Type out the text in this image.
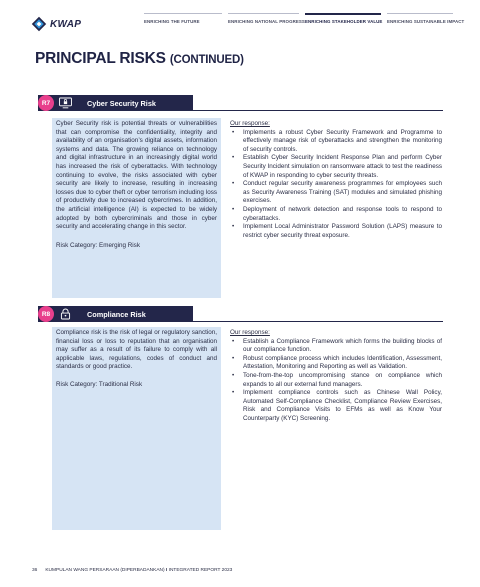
KWAP	ENRICHING THE FUTURE	ENRICHING NATIONAL PROGRESS ENRICHING STAKEHOLDER VALUE ENRICHING SUSTAINABLE IMPACT
PRINCIPAL RISKS (CONTINUED)
R7	Cyber Security Risk

Cyber Security risk is potential threats or vulnerabilities that can compromise the confidentiality, integrity and availability of an organisation’s digital assets, information systems and data. The growing reliance on technology and digital infrastructure in an increasingly digital world has increased the risk of cyberattacks. With technology continuing to evolve, the risks associated with cyber security are likely to increase, resulting in increasing losses due to cyber theft or cyber terrorism including loss of productivity due to increased cybercrimes. In addition, the artificial intelligence (AI) is expected to be widely adopted by both cybercriminals and those in cyber security and accelerating change in this sector.

Risk Category: Emerging Risk

Our response:

• Implements a robust Cyber Security Framework and Programme to effectively manage risk of cyberattacks and strengthen the monitoring of security controls.
• Establish Cyber Security Incident Response Plan and perform Cyber Security Incident simulation on ransomware attack to test the readiness of KWAP in responding to cyber security threats.
• Conduct regular security awareness programmes for employees such as Security Awareness Training (SAT) modules and simulated phishing exercises.
• Deployment of network detection and response tools to respond to cyberattacks.
• Implement Local Administrator Password Solution (LAPS) measure to restrict cyber security threat exposure.
R8	Compliance Risk

Compliance risk is the risk of legal or regulatory sanction, financial loss or loss to reputation that an organisation may suffer as a result of its failure to comply with all applicable laws, regulations, codes of conduct and standards or good practice.

Risk Category: Traditional Risk

Our response:

• Establish a Compliance Framework which forms the building blocks of our compliance function.
• Robust compliance process which includes Identification, Assessment, Attestation, Monitoring and Reporting as well as Validation.
• Tone-from-the-top uncompromising stance on compliance which expands to all our external fund managers.
• Implement compliance controls such as Chinese Wall Policy, Automated Self-Compliance Checklist, Compliance Review Exercises, Risk and Compliance Visits to EFMs as well as Know Your Counterparty (KYC) Screening.
36 KUMPULAN WANG PERSARAAN (DIPERBADANKAN) I INTEGRATED REPORT 2023
